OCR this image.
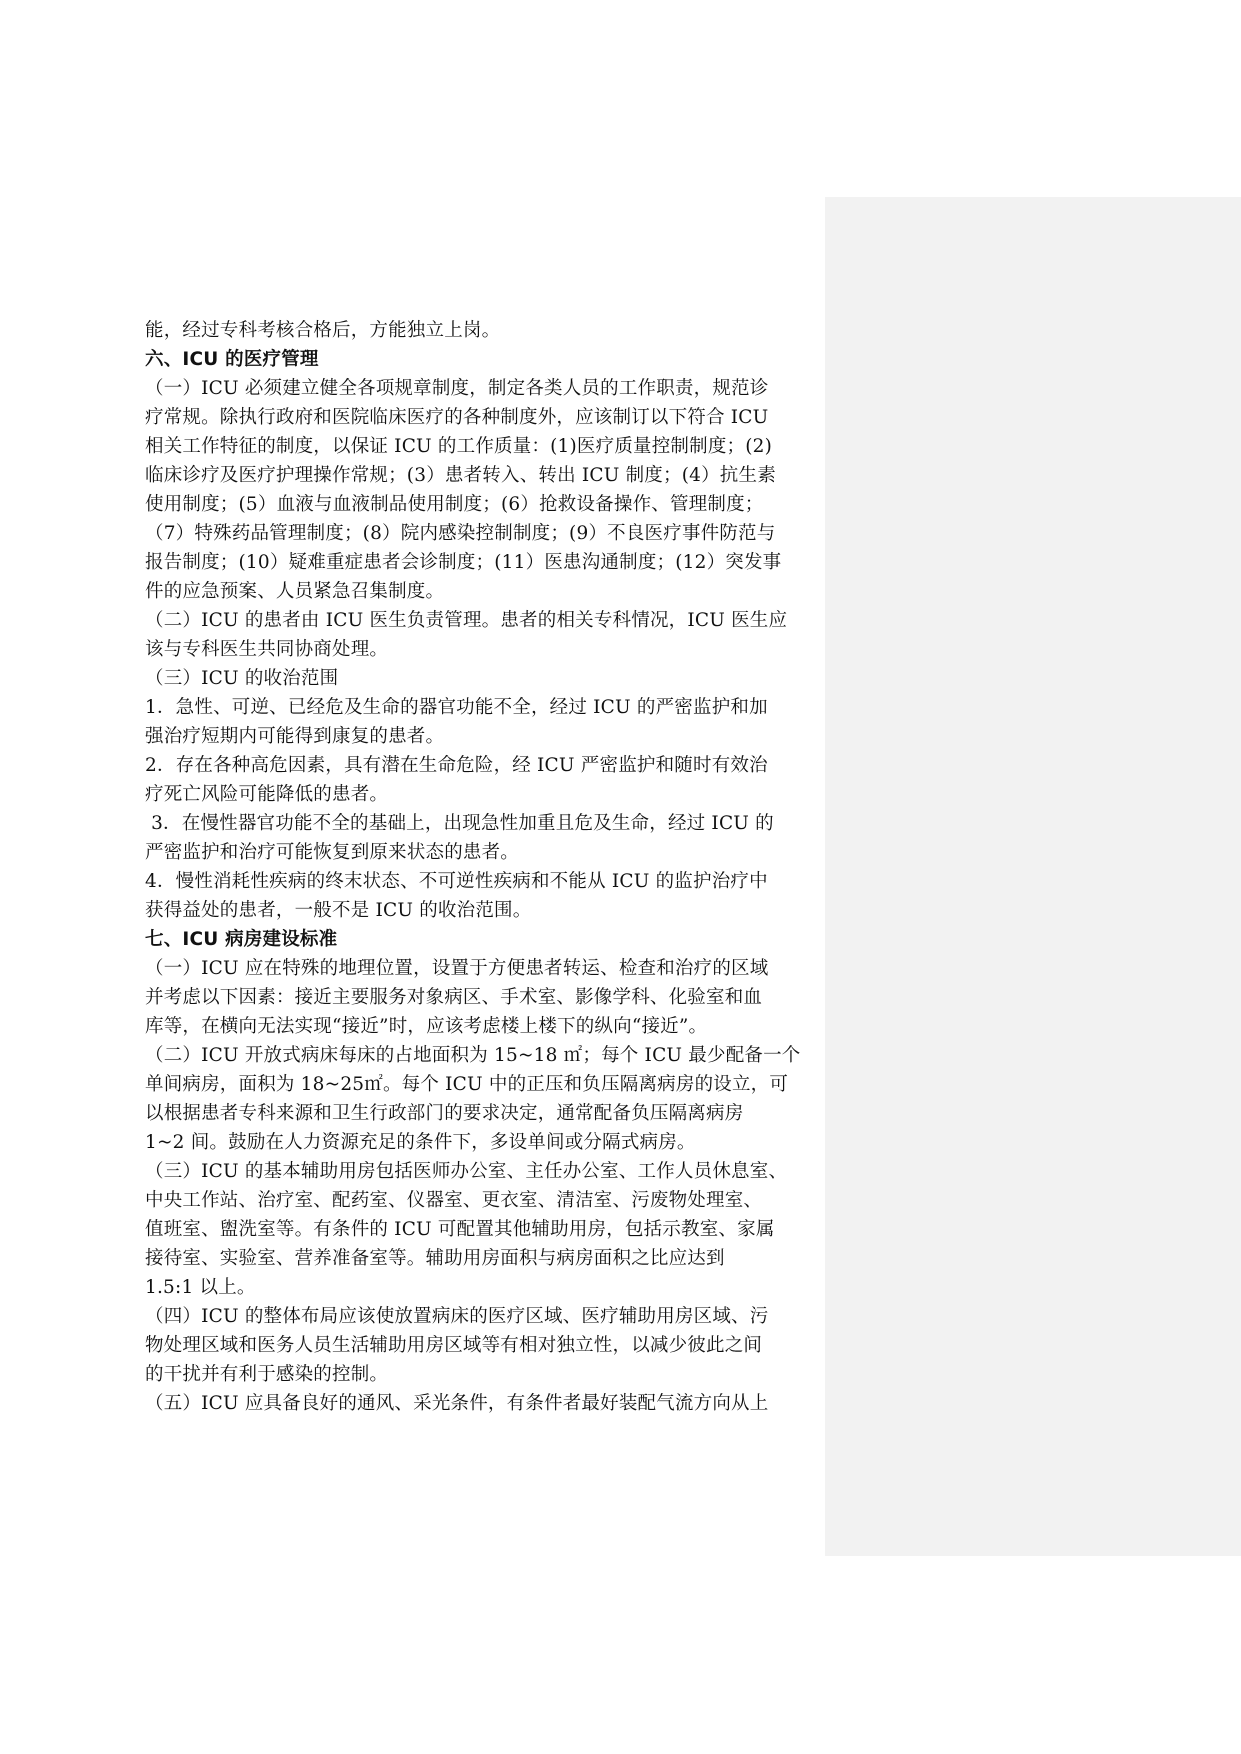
能，经过专科考核合格后，方能独立上岗。
六、ICU 的医疗管理
（一）ICU 必须建立健全各项规章制度，制定各类人员的工作职责，规范诊
疗常规。除执行政府和医院临床医疗的各种制度外，应该制订以下符合 ICU
相关工作特征的制度，以保证 ICU 的工作质量：(1)医疗质量控制制度；(2)
临床诊疗及医疗护理操作常规；(3）患者转入、转出 ICU 制度；(4）抗生素
使用制度；(5）血液与血液制品使用制度；(6）抢救设备操作、管理制度；
（7）特殊药品管理制度；(8）院内感染控制制度；(9）不良医疗事件防范与
报告制度；(10）疑难重症患者会诊制度；(11）医患沟通制度；(12）突发事
件的应急预案、人员紧急召集制度。
（二）ICU 的患者由 ICU 医生负责管理。患者的相关专科情况，ICU 医生应
该与专科医生共同协商处理。
（三）ICU 的收治范围
1．急性、可逆、已经危及生命的器官功能不全，经过 ICU 的严密监护和加
强治疗短期内可能得到康复的患者。
2．存在各种高危因素，具有潜在生命危险，经 ICU 严密监护和随时有效治
疗死亡风险可能降低的患者。
3．在慢性器官功能不全的基础上，出现急性加重且危及生命，经过 ICU 的
严密监护和治疗可能恢复到原来状态的患者。
4．慢性消耗性疾病的终末状态、不可逆性疾病和不能从 ICU 的监护治疗中
获得益处的患者，一般不是 ICU 的收治范围。
七、ICU 病房建设标准
（一）ICU 应在特殊的地理位置，设置于方便患者转运、检查和治疗的区域
并考虑以下因素：接近主要服务对象病区、手术室、影像学科、化验室和血
库等，在横向无法实现“接近”时，应该考虑楼上楼下的纵向“接近”。
（二）ICU 开放式病床每床的占地面积为 15~18 ㎡；每个 ICU 最少配备一个
单间病房，面积为 18~25㎡。每个 ICU 中的正压和负压隔离病房的设立，可
以根据患者专科来源和卫生行政部门的要求决定，通常配备负压隔离病房
1~2 间。鼓励在人力资源充足的条件下，多设单间或分隔式病房。
（三）ICU 的基本辅助用房包括医师办公室、主任办公室、工作人员休息室、
中央工作站、治疗室、配药室、仪器室、更衣室、清洁室、污废物处理室、
值班室、盥洗室等。有条件的 ICU 可配置其他辅助用房，包括示教室、家属
接待室、实验室、营养准备室等。辅助用房面积与病房面积之比应达到
1.5:1 以上。
（四）ICU 的整体布局应该使放置病床的医疗区域、医疗辅助用房区域、污
物处理区域和医务人员生活辅助用房区域等有相对独立性，以减少彼此之间
的干扰并有利于感染的控制。
（五）ICU 应具备良好的通风、采光条件，有条件者最好装配气流方向从上
